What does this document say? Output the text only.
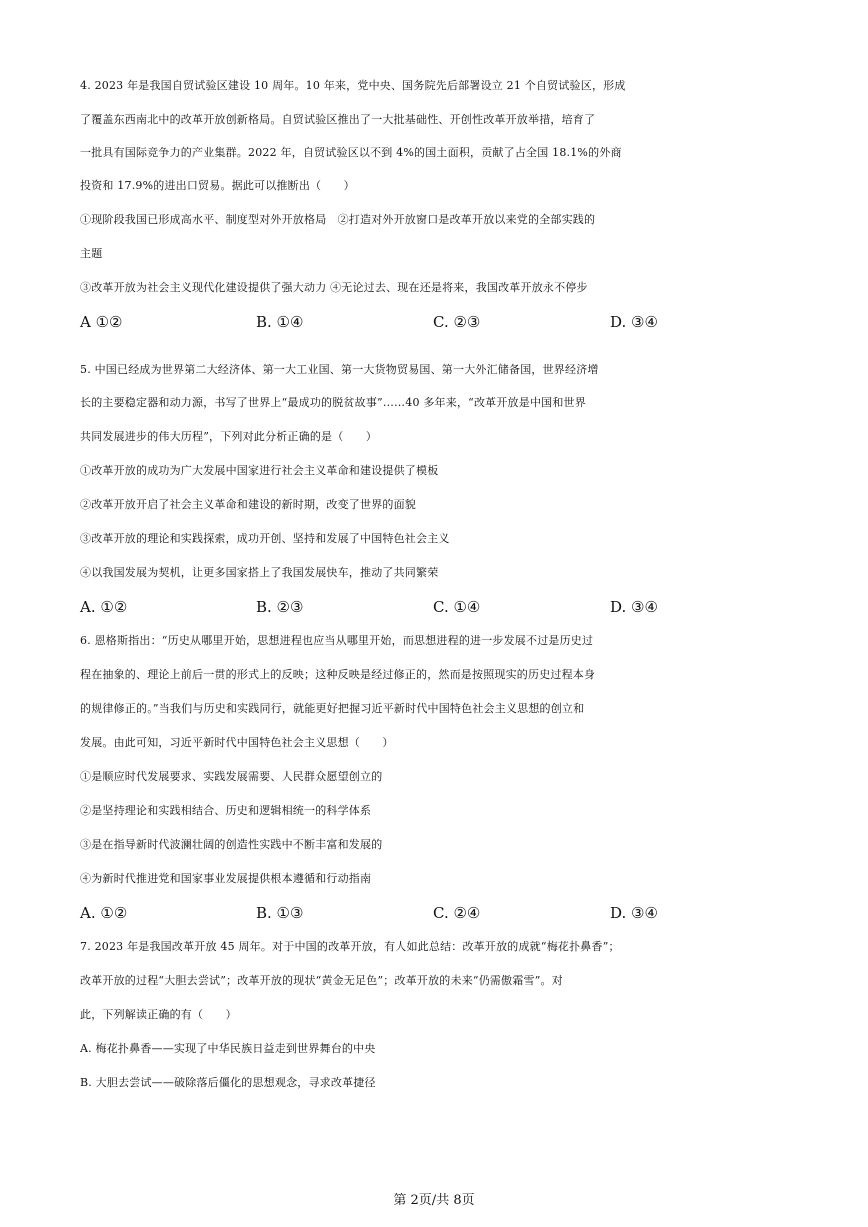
4. 2023 年是我国自贸试验区建设 10 周年。10 年来，党中央、国务院先后部署设立 21 个自贸试验区，形成
了覆盖东西南北中的改革开放创新格局。自贸试验区推出了一大批基础性、开创性改革开放举措，培育了
一批具有国际竞争力的产业集群。2022 年，自贸试验区以不到 4%的国土面积，贡献了占全国 18.1%的外商
投资和 17.9%的进出口贸易。据此可以推断出（　　）
①现阶段我国已形成高水平、制度型对外开放格局　②打造对外开放窗口是改革开放以来党的全部实践的
主题
③改革开放为社会主义现代化建设提供了强大动力 ④无论过去、现在还是将来，我国改革开放永不停步
A ①②	B. ①④	C. ②③	D. ③④
5. 中国已经成为世界第二大经济体、第一大工业国、第一大货物贸易国、第一大外汇储备国，世界经济增
长的主要稳定器和动力源，书写了世界上“最成功的脱贫故事”……40 多年来，“改革开放是中国和世界
共同发展进步的伟大历程”，下列对此分析正确的是（　　）
①改革开放的成功为广大发展中国家进行社会主义革命和建设提供了模板
②改革开放开启了社会主义革命和建设的新时期，改变了世界的面貌
③改革开放的理论和实践探索，成功开创、坚持和发展了中国特色社会主义
④以我国发展为契机，让更多国家搭上了我国发展快车，推动了共同繁荣
A. ①②	B. ②③	C. ①④	D. ③④
6. 恩格斯指出：“历史从哪里开始，思想进程也应当从哪里开始，而思想进程的进一步发展不过是历史过
程在抽象的、理论上前后一贯的形式上的反映；这种反映是经过修正的，然而是按照现实的历史过程本身
的规律修正的。”当我们与历史和实践同行，就能更好把握习近平新时代中国特色社会主义思想的创立和
发展。由此可知，习近平新时代中国特色社会主义思想（　　）
①是顺应时代发展要求、实践发展需要、人民群众愿望创立的
②是坚持理论和实践相结合、历史和逻辑相统一的科学体系
③是在指导新时代波澜壮阔的创造性实践中不断丰富和发展的
④为新时代推进党和国家事业发展提供根本遵循和行动指南
A. ①②	B. ①③	C. ②④	D. ③④
7. 2023 年是我国改革开放 45 周年。对于中国的改革开放，有人如此总结：改革开放的成就“梅花扑鼻香”；
改革开放的过程“大胆去尝试”；改革开放的现状“黄金无足色”；改革开放的未来“仍需傲霜雪”。对
此，下列解读正确的有（　　）
A. 梅花扑鼻香——实现了中华民族日益走到世界舞台的中央
B. 大胆去尝试——破除落后僵化的思想观念，寻求改革捷径
第 2页/共 8页
